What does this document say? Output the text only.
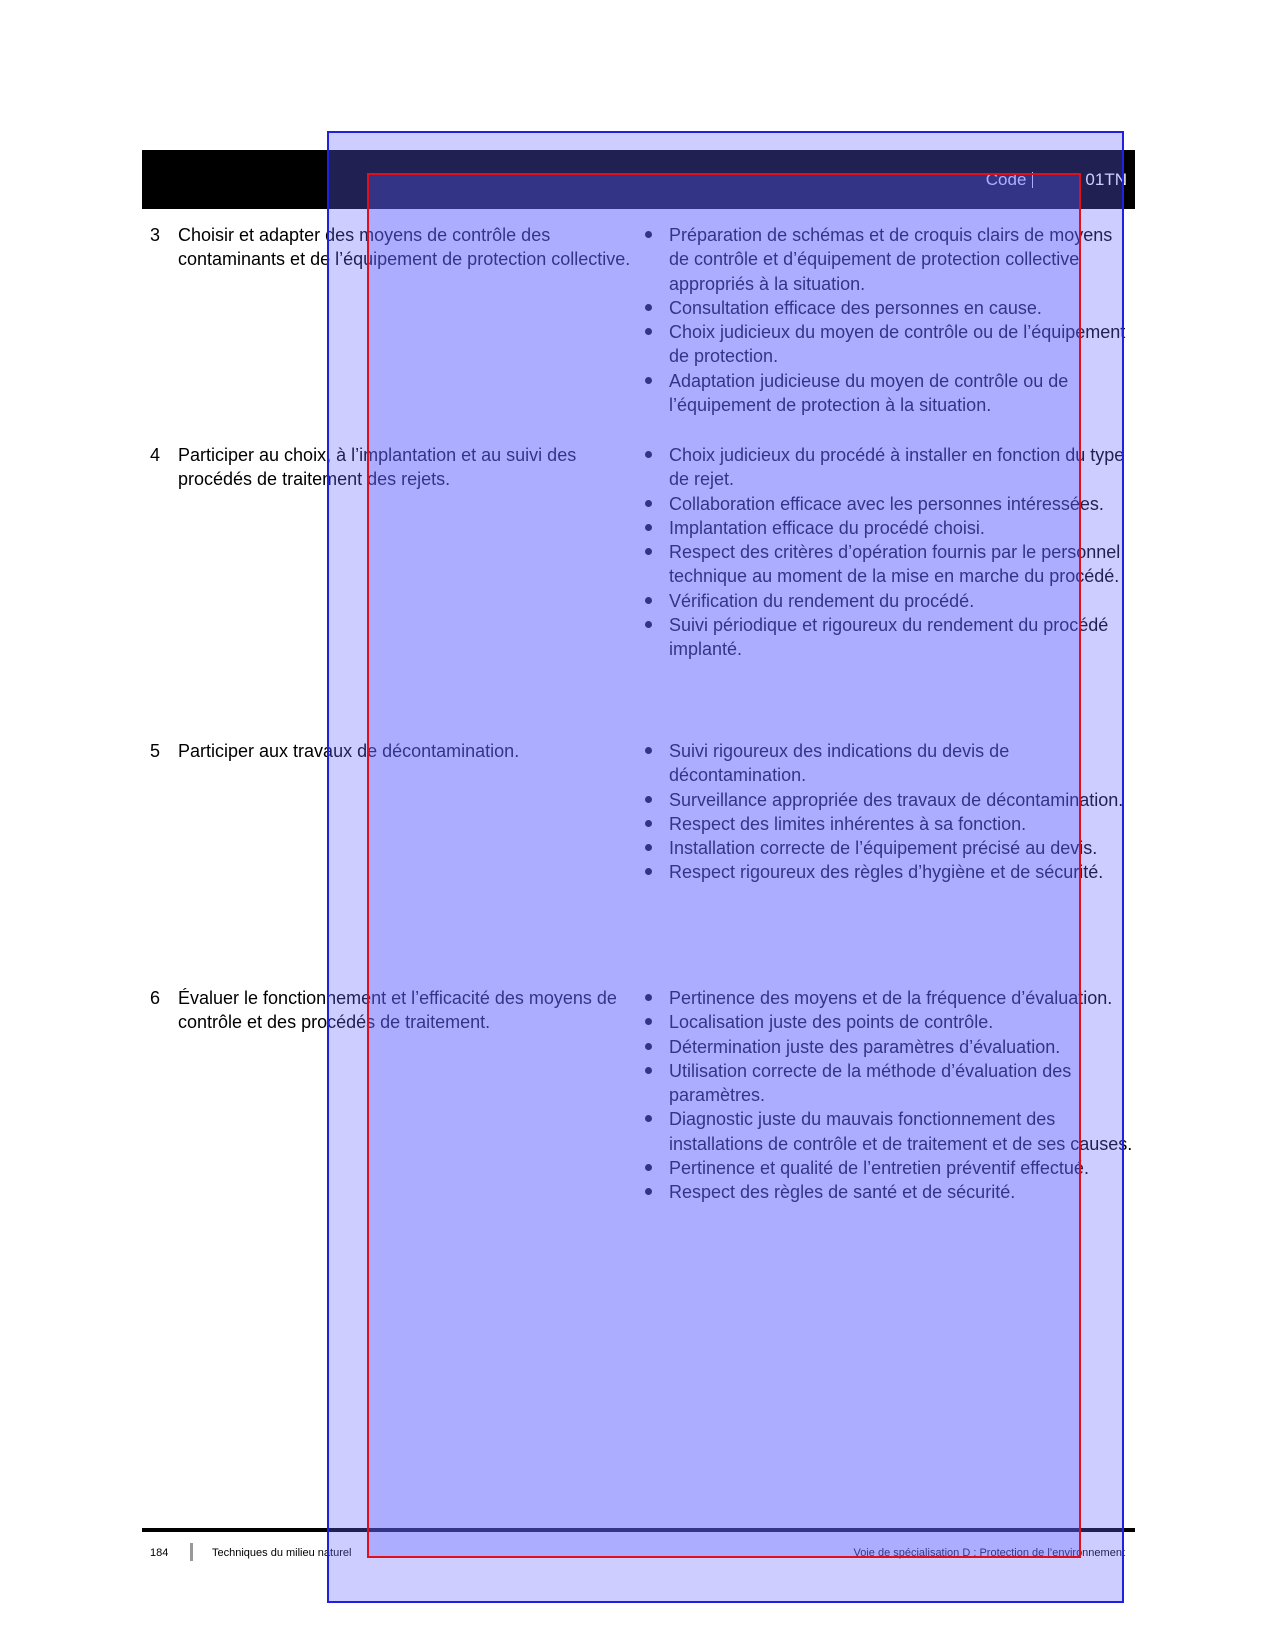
Code	01TN
3 Choisir et adapter des moyens de contrôle des contaminants et de l’équipement de protection collective.
Préparation de schémas et de croquis clairs de moyens de contrôle et d’équipement de protection collective appropriés à la situation.
Consultation efficace des personnes en cause.
Choix judicieux du moyen de contrôle ou de l’équipement de protection.
Adaptation judicieuse du moyen de contrôle ou de l’équipement de protection à la situation.
4 Participer au choix, à l’implantation et au suivi des procédés de traitement des rejets.
Choix judicieux du procédé à installer en fonction du type de rejet.
Collaboration efficace avec les personnes intéressées.
Implantation efficace du procédé choisi.
Respect des critères d’opération fournis par le personnel technique au moment de la mise en marche du procédé.
Vérification du rendement du procédé.
Suivi périodique et rigoureux du rendement du procédé implanté.
5 Participer aux travaux de décontamination.	Suivi rigoureux des indications du devis de décontamination.
Surveillance appropriée des travaux de décontamination.
Respect des limites inhérentes à sa fonction.
Installation correcte de l’équipement précisé au devis.
Respect rigoureux des règles d’hygiène et de sécurité.
6 Évaluer le fonctionnement et l’efficacité des moyens de contrôle et des procédés de traitement.
Pertinence des moyens et de la fréquence d’évaluation.
Localisation juste des points de contrôle.
Détermination juste des paramètres d’évaluation.
Utilisation correcte de la méthode d’évaluation des paramètres.
Diagnostic juste du mauvais fonctionnement des installations de contrôle et de traitement et de ses causes.
Pertinence et qualité de l’entretien préventif effectué.
Respect des règles de santé et de sécurité.
184	Techniques du milieu naturel	Voie de spécialisation D : Protection de l’environnement
